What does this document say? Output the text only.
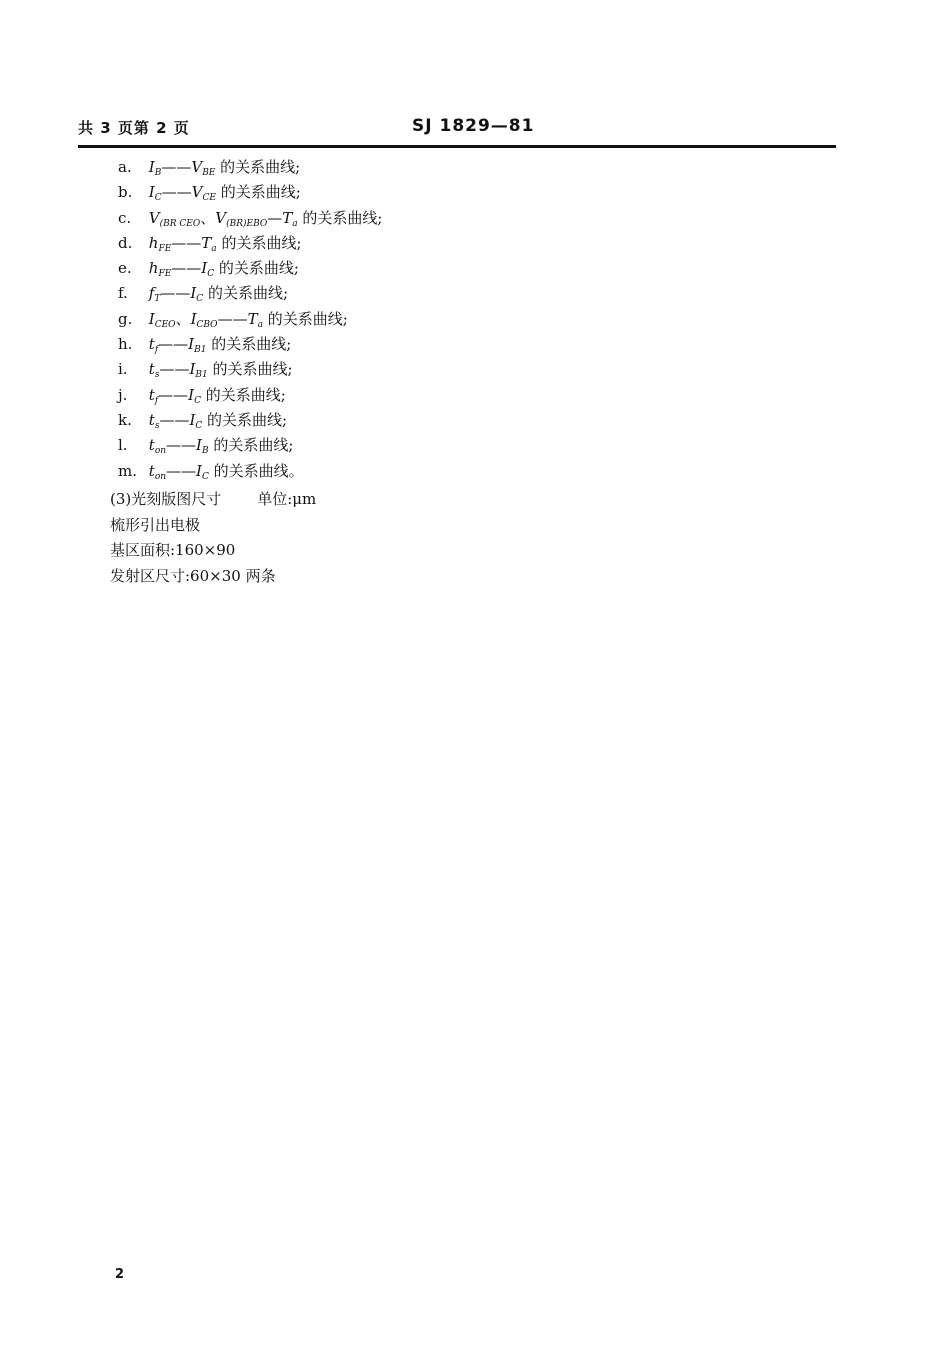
共 3 页第 2 页	SJ 1829—81
a. $I_B——V_{BE}$ 的关系曲线;
b. $I_C——V_{CE}$ 的关系曲线;
c. $V_{(BR CEO}$、$V_{(BR)EBO}—T_a$ 的关系曲线;
d. $h_{FE}——T_a$ 的关系曲线;
e. $h_{FE}——I_C$ 的关系曲线;
f. $f_T——I_C$ 的关系曲线;
g. $I_{CEO}$、$I_{CBO}——T_a$ 的关系曲线;
h. $t_f——I_{B1}$ 的关系曲线;
i. $t_s——I_{B1}$ 的关系曲线;
j. $t_f——I_C$ 的关系曲线;
k. $t_s——I_C$ 的关系曲线;
l. $t_{on}——I_B$ 的关系曲线;
m. $t_{on}——I_C$ 的关系曲线。
(3)光刻版图尺寸 单位:μm
梳形引出电极
基区面积:160×90
发射区尺寸:60×30 两条
2
